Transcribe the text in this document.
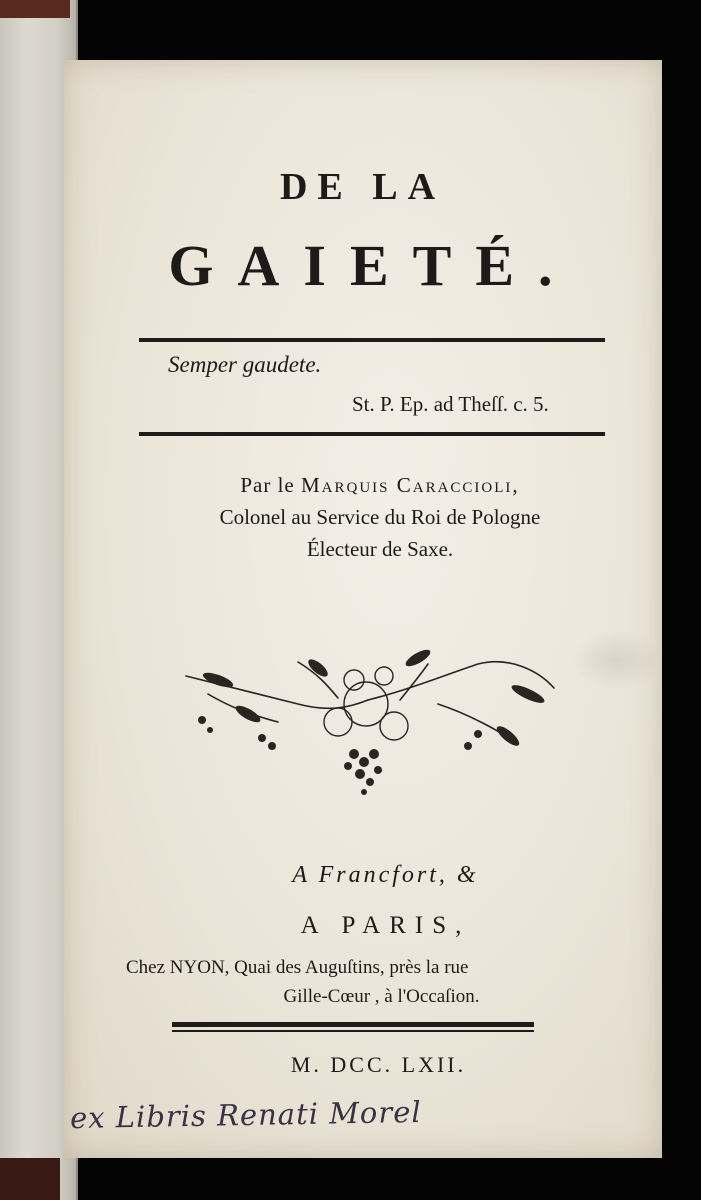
DE LA
GAIETÉ.
Semper gaudete.
St. P. Ep. ad Theſſ. c. 5.
Par le Marquis Caraccioli,
Colonel au Service du Roi de Pologne
Électeur de Saxe.
A Francfort, &
A PARIS,
Chez NYON, Quai des Auguſtins, près la rue
Gille-Cœur , à l'Occaſion.
M. DCC. LXII.
ex Libris Renati Morel
